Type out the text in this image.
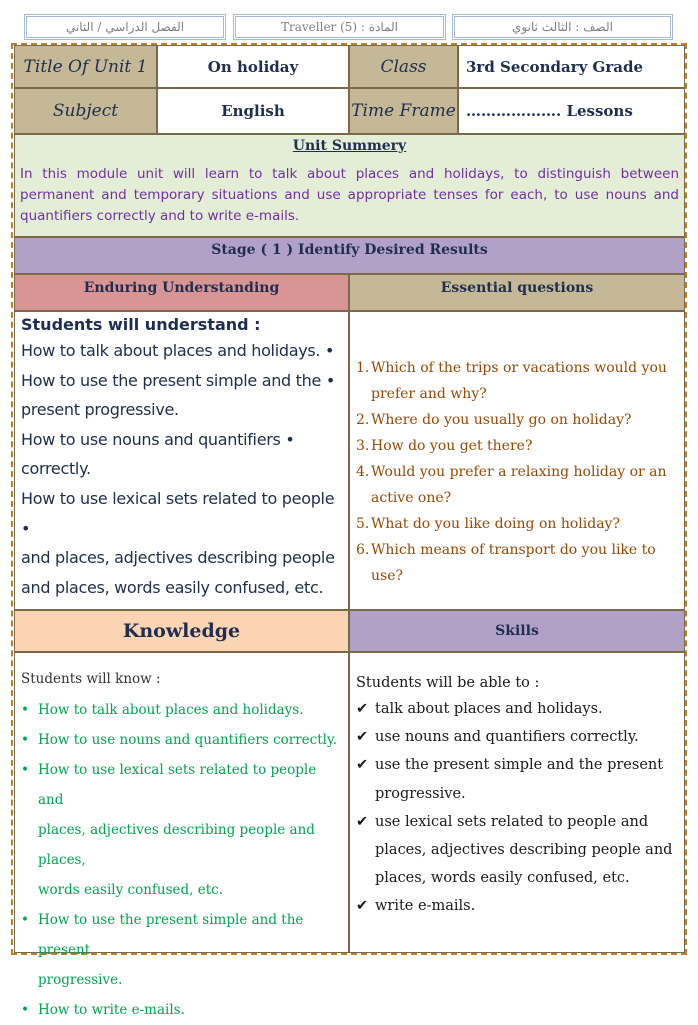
الفصل الدراسي / الثاني	Traveller (5) : المادة	الصف : الثالث ثانوي
Title Of Unit 1	On holiday	Class	3rd Secondary Grade
Subject	English	Time Frame ………………. Lessons
Unit Summery
In this module unit will learn to talk about places and holidays, to distinguish between permanent and temporary situations and use appropriate tenses for each, to use nouns and quantifiers correctly and to write e-mails.
Stage ( 1 ) Identify Desired Results
Enduring Understanding	Essential questions
Students will understand :
How to talk about places and holidays. •
How to use the present simple and the •
present progressive.
How to use nouns and quantifiers •
correctly.
How to use lexical sets related to people •
and places, adjectives describing people
and places, words easily confused, etc.
1. Which of the trips or vacations would you
prefer and why?
2. Where do you usually go on holiday?
3. How do you get there?
4. Would you prefer a relaxing holiday or an
active one?
5. What do you like doing on holiday?
6. Which means of transport do you like to use?
Knowledge	Skills
Students will know :
• How to talk about places and holidays.
• How to use nouns and quantifiers correctly.
• How to use lexical sets related to people and
places, adjectives describing people and places,
words easily confused, etc.
• How to use the present simple and the present
progressive.
• How to write e-mails.
Students will be able to :
✔ talk about places and holidays.
✔ use nouns and quantifiers correctly.
✔ use the present simple and the present
progressive.
✔ use lexical sets related to people and
places, adjectives describing people and
places, words easily confused, etc.
✔ write e-mails.
